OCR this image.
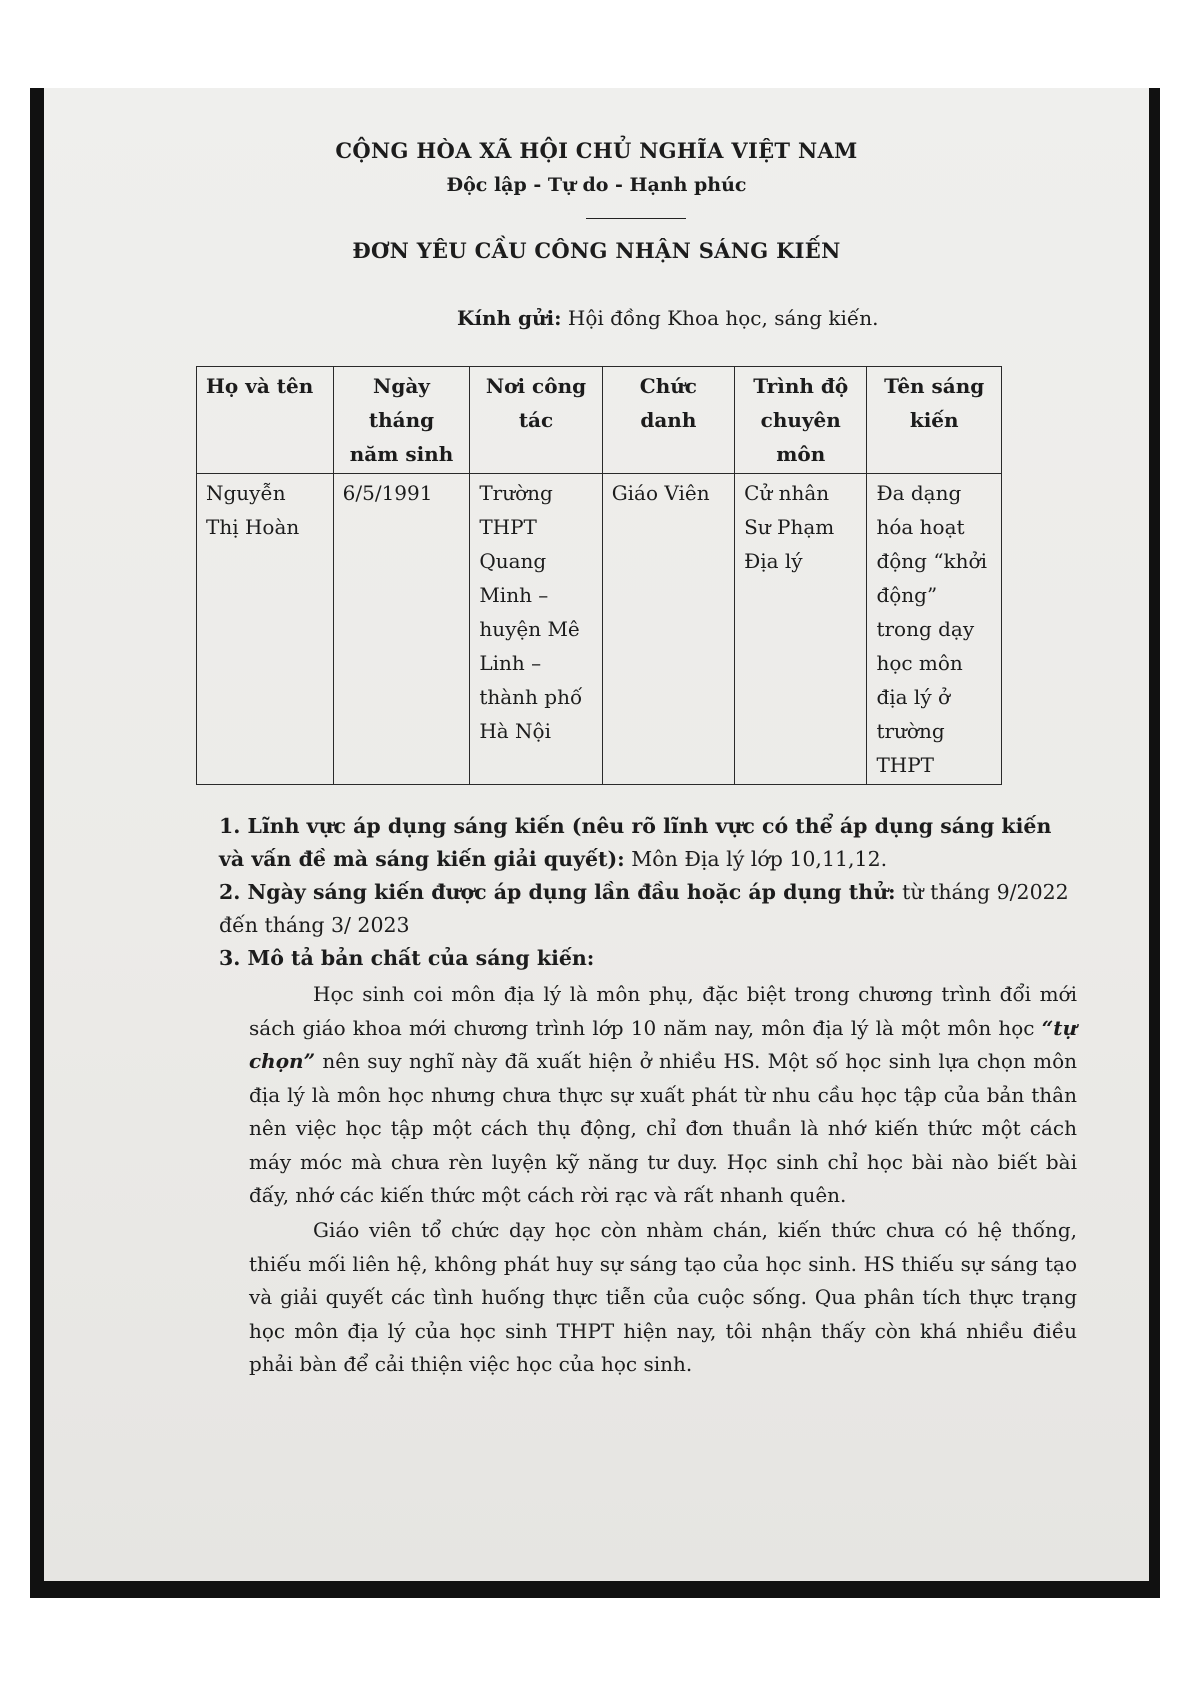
CỘNG HÒA XÃ HỘI CHỦ NGHĨA VIỆT NAM
Độc lập - Tự do - Hạnh phúc
ĐƠN YÊU CẦU CÔNG NHẬN SÁNG KIẾN
Kính gửi: Hội đồng Khoa học, sáng kiến.
Họ và tên	Ngày tháng năm sinh	Nơi công tác	Chức danh	Trình độ chuyên môn	Tên sáng kiến
Nguyễn Thị Hoàn	6/5/1991	Trường THPT Quang Minh – huyện Mê Linh – thành phố Hà Nội	Giáo Viên	Cử nhân Sư Phạm Địa lý	Đa dạng hóa hoạt động “khởi động” trong dạy học môn địa lý ở trường THPT
1. Lĩnh vực áp dụng sáng kiến (nêu rõ lĩnh vực có thể áp dụng sáng kiến và vấn đề mà sáng kiến giải quyết): Môn Địa lý lớp 10,11,12.
2. Ngày sáng kiến được áp dụng lần đầu hoặc áp dụng thử: từ tháng 9/2022 đến tháng 3/ 2023
3. Mô tả bản chất của sáng kiến:
Học sinh coi môn địa lý là môn phụ, đặc biệt trong chương trình đổi mới sách giáo khoa mới chương trình lớp 10 năm nay, môn địa lý là một môn học “tự chọn” nên suy nghĩ này đã xuất hiện ở nhiều HS. Một số học sinh lựa chọn môn địa lý là môn học nhưng chưa thực sự xuất phát từ nhu cầu học tập của bản thân nên việc học tập một cách thụ động, chỉ đơn thuần là nhớ kiến thức một cách máy móc mà chưa rèn luyện kỹ năng tư duy. Học sinh chỉ học bài nào biết bài đấy, nhớ các kiến thức một cách rời rạc và rất nhanh quên.
Giáo viên tổ chức dạy học còn nhàm chán, kiến thức chưa có hệ thống, thiếu mối liên hệ, không phát huy sự sáng tạo của học sinh. HS thiếu sự sáng tạo và giải quyết các tình huống thực tiễn của cuộc sống. Qua phân tích thực trạng học môn địa lý của học sinh THPT hiện nay, tôi nhận thấy còn khá nhiều điều phải bàn để cải thiện việc học của học sinh.
